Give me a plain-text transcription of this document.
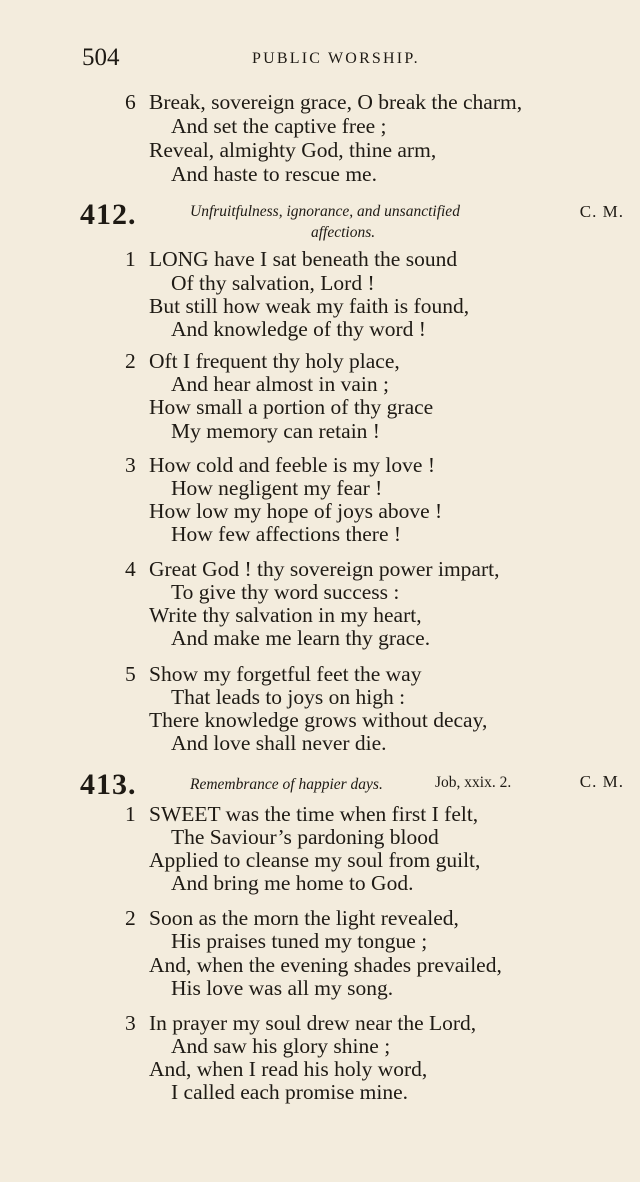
504	PUBLIC WORSHIP.
6 Break, sovereign grace, O break the charm,
And set the captive free ;
Reveal, almighty God, thine arm,
And haste to rescue me.
412.	Unfruitfulness, ignorance, and unsanctified
affections.
C. M.
1 LONG have I sat beneath the sound
Of thy salvation, Lord !
But still how weak my faith is found,
And knowledge of thy word !
2 Oft I frequent thy holy place,
And hear almost in vain ;
How small a portion of thy grace
My memory can retain !
3 How cold and feeble is my love !
How negligent my fear !
How low my hope of joys above !
How few affections there !
4 Great God ! thy sovereign power impart,
To give thy word success :
Write thy salvation in my heart,
And make me learn thy grace.
5 Show my forgetful feet the way
That leads to joys on high :
There knowledge grows without decay,
And love shall never die.
413.	Remembrance of happier days.	Job, xxix. 2.	C. M.
1 SWEET was the time when first I felt,
The Saviour’s pardoning blood
Applied to cleanse my soul from guilt,
And bring me home to God.
2 Soon as the morn the light revealed,
His praises tuned my tongue ;
And, when the evening shades prevailed,
His love was all my song.
3 In prayer my soul drew near the Lord,
And saw his glory shine ;
And, when I read his holy word,
I called each promise mine.
